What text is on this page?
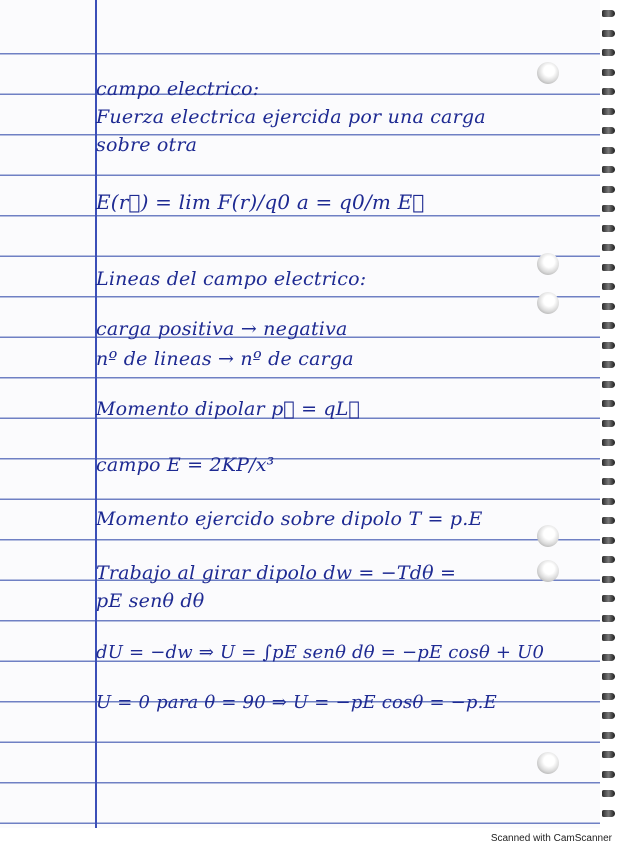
campo electrico:
Fuerza electrica ejercida por una carga
sobre otra
E(r⃗) = lim F(r)/q0 a = q0/m E⃗
Lineas del campo electrico:
carga positiva → negativa
nº de lineas → nº de carga
Momento dipolar p⃗ = qL⃗
campo E = 2KP/x³
Momento ejercido sobre dipolo T = p.E
Trabajo al girar dipolo dw = −Tdθ =
pE senθ dθ
dU = −dw ⇒ U = ∫pE senθ dθ = −pE cosθ + U0
U = 0 para θ = 90 ⇒ U = −pE cosθ = −p.E
Scanned with CamScanner
